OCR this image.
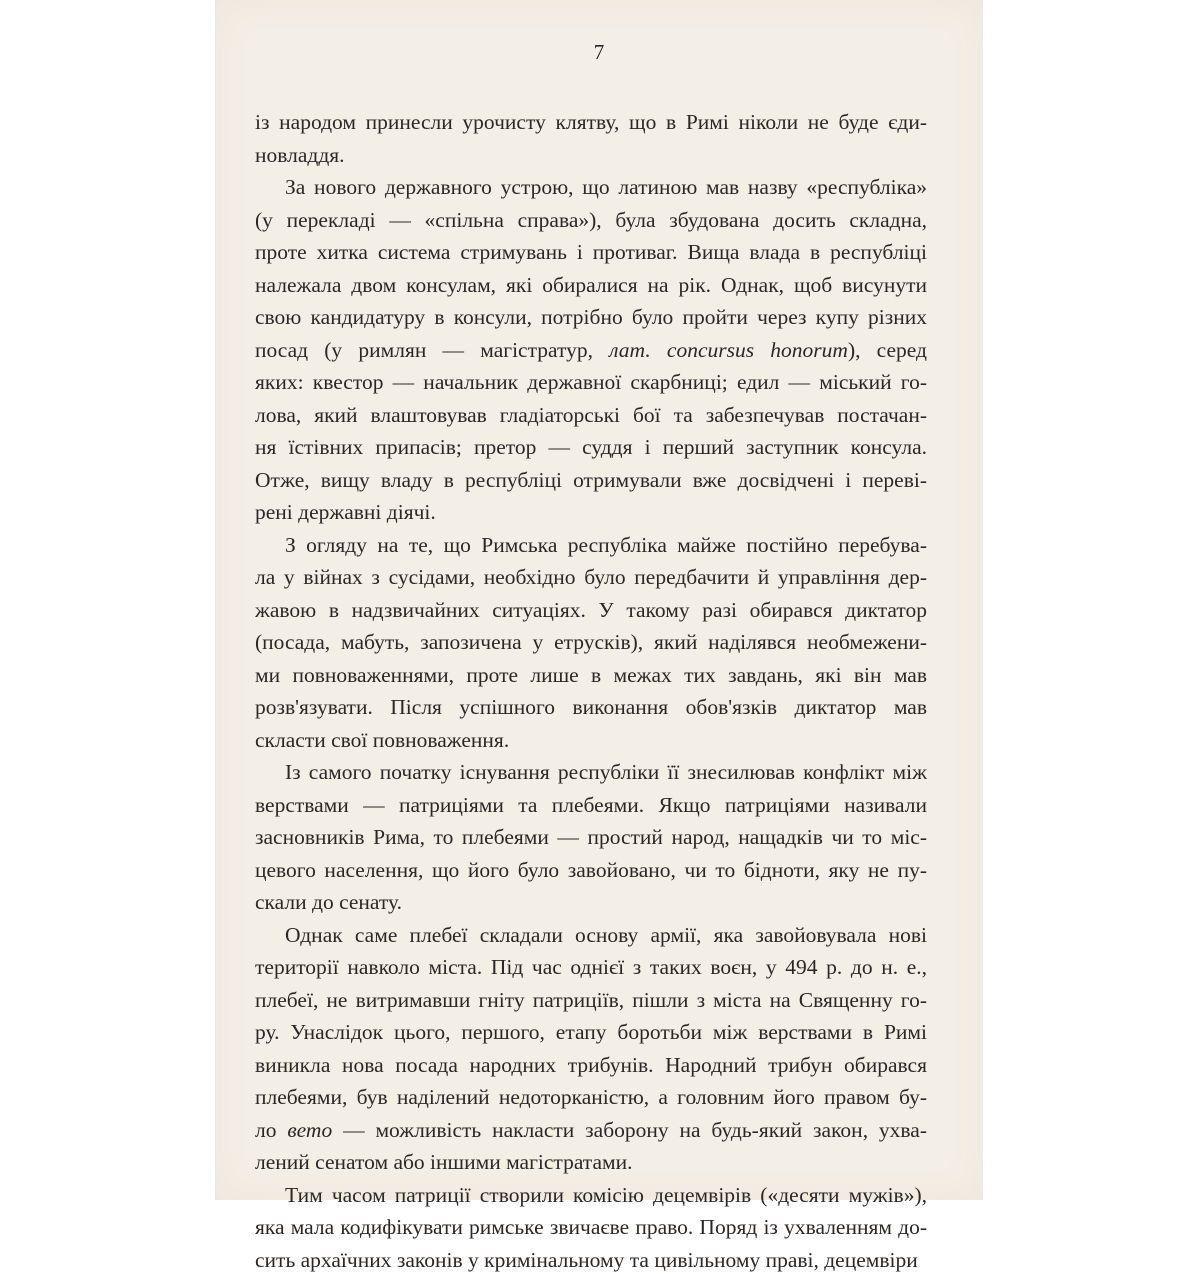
7
із народом принесли урочисту клятву, що в Римі ніколи не буде єди-
новладдя.
За нового державного устрою, що латиною мав назву «республіка»
(у перекладі — «спільна справа»), була збудована досить складна,
проте хитка система стримувань і противаг. Вища влада в республіці
належала двом консулам, які обиралися на рік. Однак, щоб висунути
свою кандидатуру в консули, потрібно було пройти через купу різних
посад (у римлян — магістратур, лат. concursus honorum), серед
яких: квестор — начальник державної скарбниці; едил — міський го-
лова, який влаштовував гладіаторські бої та забезпечував постачан-
ня їстівних припасів; претор — суддя і перший заступник консула.
Отже, вищу владу в республіці отримували вже досвідчені і переві-
рені державні діячі.
З огляду на те, що Римська республіка майже постійно перебува-
ла у війнах з сусідами, необхідно було передбачити й управління дер-
жавою в надзвичайних ситуаціях. У такому разі обирався диктатор
(посада, мабуть, запозичена у етрусків), який наділявся необмежени-
ми повноваженнями, проте лише в межах тих завдань, які він мав
розв'язувати. Після успішного виконання обов'язків диктатор мав
скласти свої повноваження.
Із самого початку існування республіки її знесилював конфлікт між
верствами — патриціями та плебеями. Якщо патриціями називали
засновників Рима, то плебеями — простий народ, нащадків чи то міс-
цевого населення, що його було завойовано, чи то бідноти, яку не пу-
скали до сенату.
Однак саме плебеї складали основу армії, яка завойовувала нові
території навколо міста. Під час однієї з таких воєн, у 494 р. до н. е.,
плебеї, не витримавши гніту патриціїв, пішли з міста на Священну го-
ру. Унаслідок цього, першого, етапу боротьби між верствами в Римі
виникла нова посада народних трибунів. Народний трибун обирався
плебеями, був наділений недоторканістю, а головним його правом бу-
ло вето — можливість накласти заборону на будь-який закон, ухва-
лений сенатом або іншими магістратами.
Тим часом патриції створили комісію децемвірів («десяти мужів»),
яка мала кодифікувати римське звичаєве право. Поряд із ухваленням до-
сить архаїчних законів у кримінальному та цивільному праві, децемвіри
